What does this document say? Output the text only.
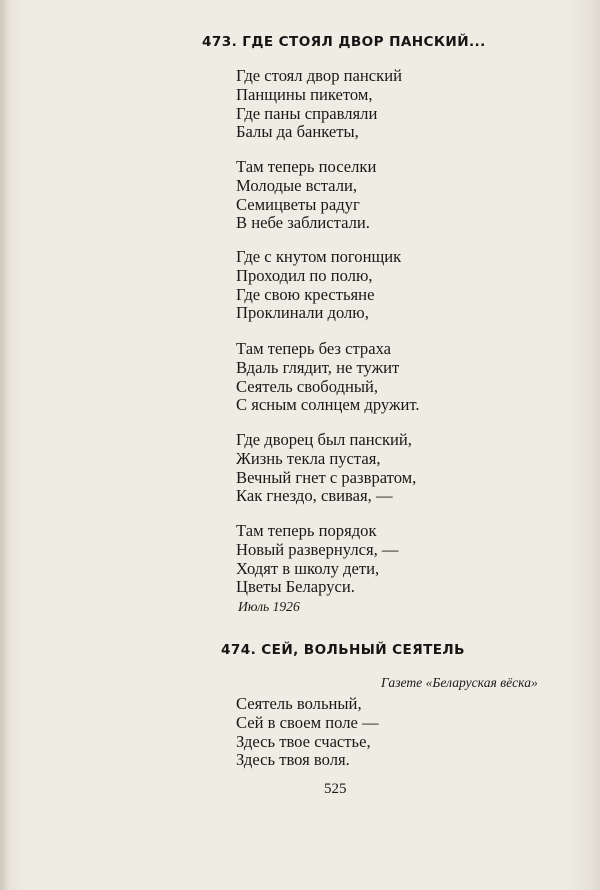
473. ГДЕ СТОЯЛ ДВОР ПАНСКИЙ...
Где стоял двор панский
Панщины пикетом,
Где паны справляли
Балы да банкеты,
Там теперь поселки
Молодые встали,
Семицветы радуг
В небе заблистали.
Где с кнутом погонщик
Проходил по полю,
Где свою крестьяне
Проклинали долю,
Там теперь без страха
Вдаль глядит, не тужит
Сеятель свободный,
С ясным солнцем дружит.
Где дворец был панский,
Жизнь текла пустая,
Вечный гнет с развратом,
Как гнездо, свивая, —
Там теперь порядок
Новый развернулся, —
Ходят в школу дети,
Цветы Беларуси.
Июль 1926
474. СЕЙ, ВОЛЬНЫЙ СЕЯТЕЛЬ
Газете «Беларуская вёска»
Сеятель вольный,
Сей в своем поле —
Здесь твое счастье,
Здесь твоя воля.
525
